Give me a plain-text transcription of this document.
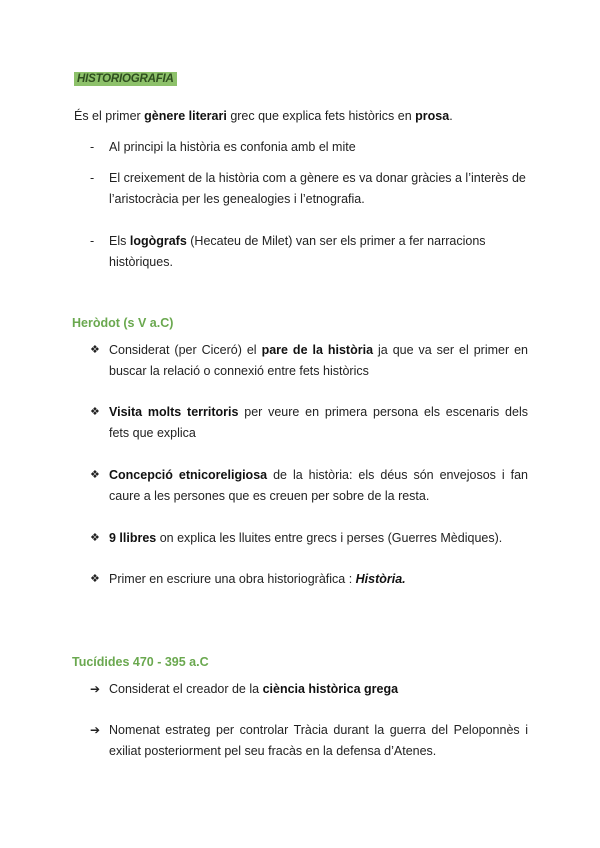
HISTORIOGRAFIA
És el primer gènere literari grec que explica fets històrics en prosa.
-	Al principi la història es confonia amb el mite
-	El creixement de la història com a gènere es va donar gràcies a l’interès de l’aristocràcia per les genealogies i l’etnografia.
-	Els logògrafs (Hecateu de Milet) van ser els primer a fer narracions històriques.
Heròdot (s V a.C)
❖ Considerat (per Ciceró) el pare de la història ja que va ser el primer en buscar la relació o connexió entre fets històrics
❖ Visita molts territoris per veure en primera persona els escenaris dels fets que explica
❖ Concepció etnicoreligiosa de la història: els déus són envejosos i fan caure a les persones que es creuen per sobre de la resta.
❖ 9 llibres on explica les lluites entre grecs i perses (Guerres Mèdiques).
❖ Primer en escriure una obra historiogràfica : Història.
Tucídides 470 - 395 a.C
➔ Considerat el creador de la ciència històrica grega
➔ Nomenat estrateg per controlar Tràcia durant la guerra del Peloponnès i exiliat posteriorment pel seu fracàs en la defensa d’Atenes.
